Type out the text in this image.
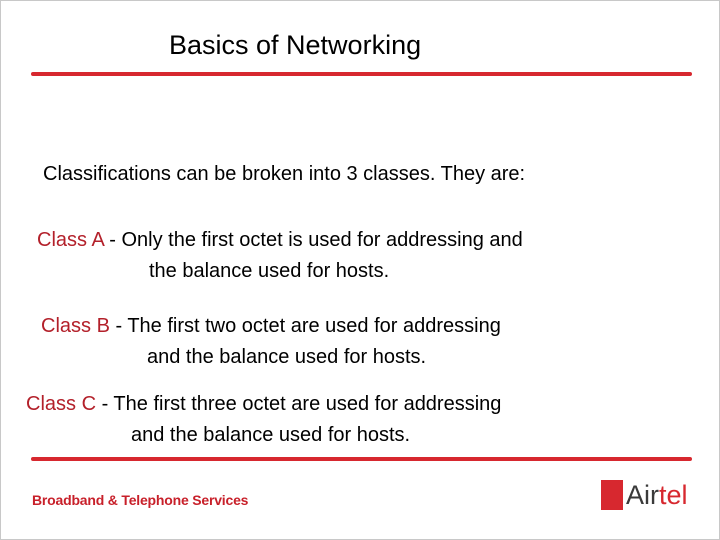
Basics of Networking
Classifications can be broken into 3 classes. They are:
Class A - Only the first octet is used for addressing and
the balance used for hosts.
Class B - The first two octet are used for addressing
and the balance used for hosts.
Class C - The first three octet are used for addressing
and the balance used for hosts.
Broadband & Telephone Services	Airtel
